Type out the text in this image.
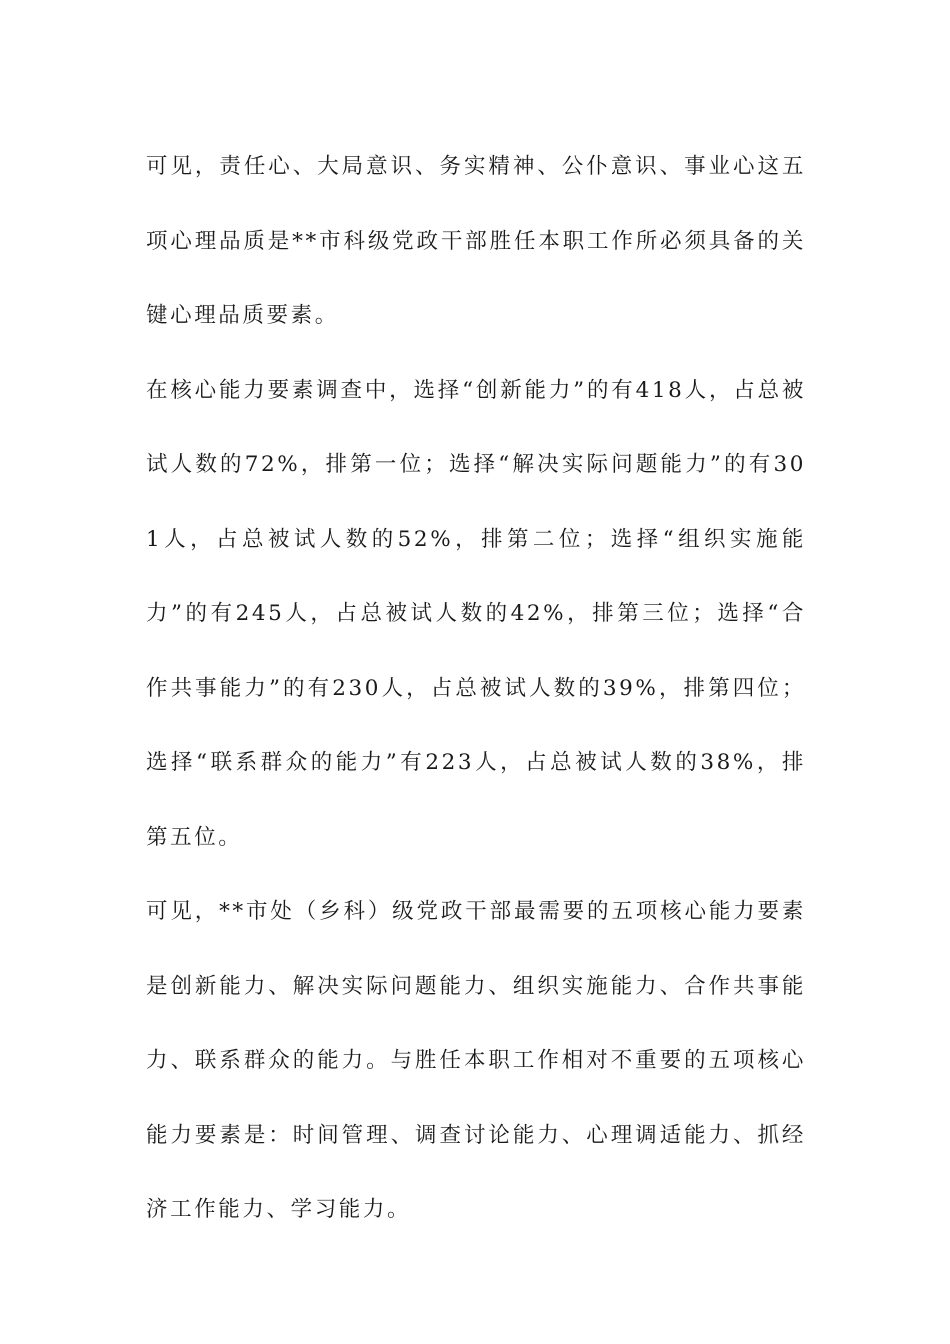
可见，责任心、大局意识、务实精神、公仆意识、事业心这五项心理品质是**市科级党政干部胜任本职工作所必须具备的关键心理品质要素。

在核心能力要素调查中，选择“创新能力”的有418人，占总被试人数的72%，排第一位；选择“解决实际问题能力”的有301人，占总被试人数的52%，排第二位；选择“组织实施能力”的有245人，占总被试人数的42%，排第三位；选择“合作共事能力”的有230人，占总被试人数的39%，排第四位；选择“联系群众的能力”有223人，占总被试人数的38%，排第五位。

可见，**市处（乡科）级党政干部最需要的五项核心能力要素是创新能力、解决实际问题能力、组织实施能力、合作共事能力、联系群众的能力。与胜任本职工作相对不重要的五项核心能力要素是：时间管理、调查讨论能力、心理调适能力、抓经济工作能力、学习能力。
